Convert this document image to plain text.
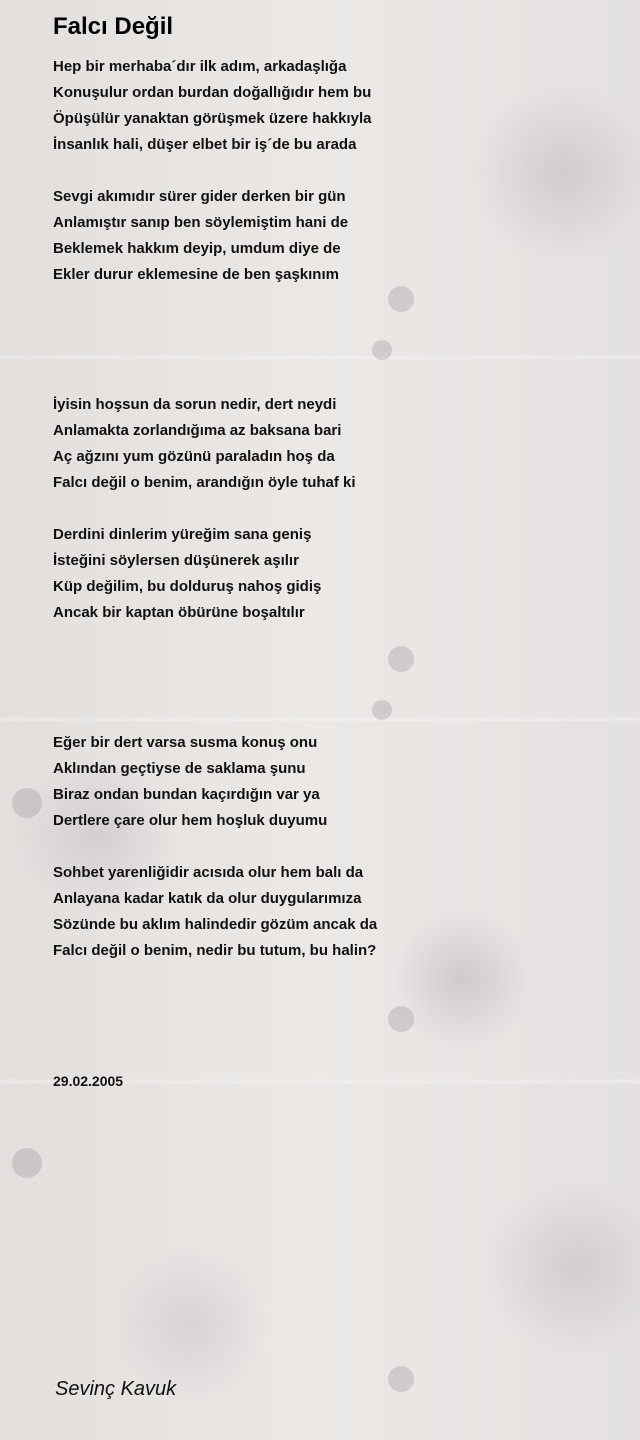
Falcı Değil
Hep bir merhaba´dır ilk adım, arkadaşlığa
Konuşulur ordan burdan doğallığıdır hem bu
Öpüşülür yanaktan görüşmek üzere hakkıyla
İnsanlık hali, düşer elbet bir iş´de bu arada
Sevgi akımıdır sürer gider derken bir gün
Anlamıştır sanıp ben söylemiştim hani de
Beklemek hakkım deyip, umdum diye de
Ekler durur eklemesine de ben şaşkınım
İyisin hoşsun da sorun nedir, dert neydi
Anlamakta zorlandığıma az baksana bari
Aç ağzını yum gözünü paraladın hoş da
Falcı değil o benim, arandığın öyle tuhaf ki
Derdini dinlerim yüreğim sana geniş
İsteğini söylersen düşünerek aşılır
Küp değilim, bu dolduruş nahoş gidiş
Ancak bir kaptan öbürüne boşaltılır
Eğer bir dert varsa susma konuş onu
Aklından geçtiyse de saklama şunu
Biraz ondan bundan kaçırdığın var ya
Dertlere çare olur hem hoşluk duyumu
Sohbet yarenliğidir acısıda olur hem balı da
Anlayana kadar katık da olur duygularımıza
Sözünde bu aklım halindedir gözüm ancak da
Falcı değil o benim, nedir bu tutum, bu halin?
29.02.2005
Sevinç Kavuk
